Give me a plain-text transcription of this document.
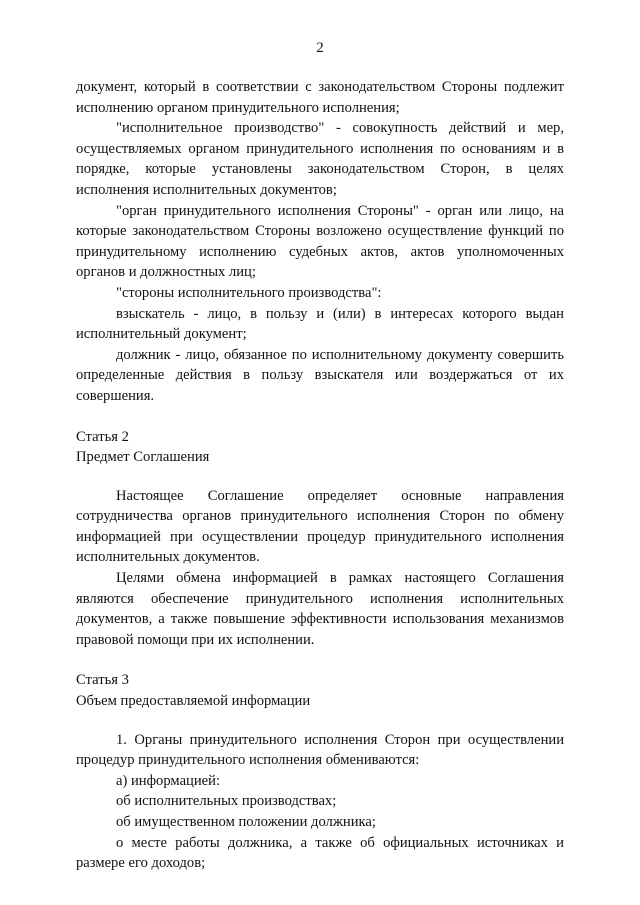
2

документ, который в соответствии с законодательством Стороны подлежит исполнению органом принудительного исполнения;

"исполнительное производство" - совокупность действий и мер, осуществляемых органом принудительного исполнения по основаниям и в порядке, которые установлены законодательством Сторон, в целях исполнения исполнительных документов;

"орган принудительного исполнения Стороны" - орган или лицо, на которые законодательством Стороны возложено осуществление функций по принудительному исполнению судебных актов, актов уполномоченных органов и должностных лиц;

"стороны исполнительного производства":

взыскатель - лицо, в пользу и (или) в интересах которого выдан исполнительный документ;

должник - лицо, обязанное по исполнительному документу совершить определенные действия в пользу взыскателя или воздержаться от их совершения.

Статья 2

Предмет Соглашения

Настоящее Соглашение определяет основные направления сотрудничества органов принудительного исполнения Сторон по обмену информацией при осуществлении процедур принудительного исполнения исполнительных документов.

Целями обмена информацией в рамках настоящего Соглашения являются обеспечение принудительного исполнения исполнительных документов, а также повышение эффективности использования механизмов правовой помощи при их исполнении.

Статья 3

Объем предоставляемой информации

1. Органы принудительного исполнения Сторон при осуществлении процедур принудительного исполнения обмениваются:

а) информацией:

об исполнительных производствах;

об имущественном положении должника;

о месте работы должника, а также об официальных источниках и размере его доходов;
